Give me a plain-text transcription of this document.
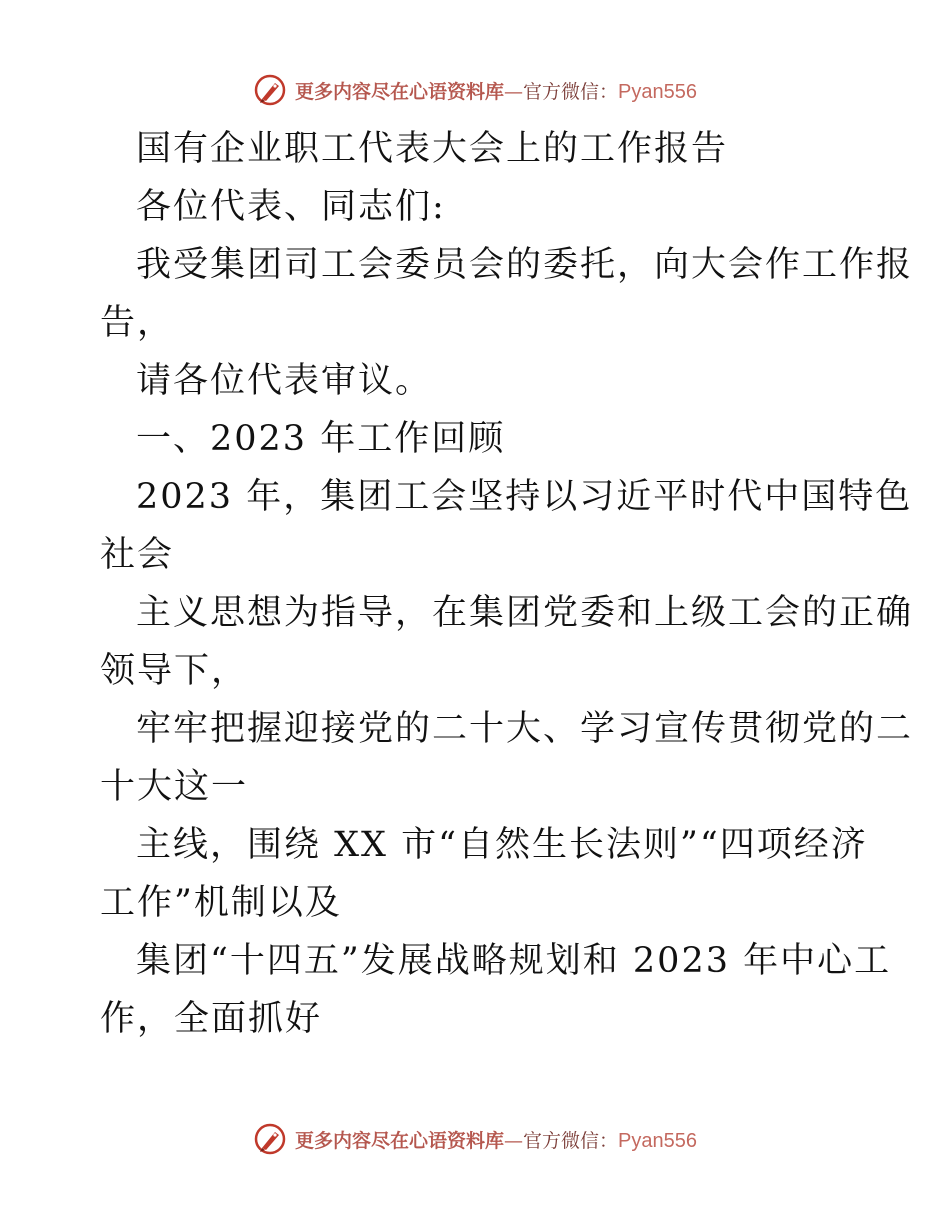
更多内容尽在心语资料库—官方微信：Pyan556
国有企业职工代表大会上的工作报告
各位代表、同志们:
我受集团司工会委员会的委托，向大会作工作报
告，
请各位代表审议。
一、2023 年工作回顾
2023 年，集团工会坚持以习近平时代中国特色
社会
主义思想为指导，在集团党委和上级工会的正确
领导下，
牢牢把握迎接党的二十大、学习宣传贯彻党的二
十大这一
主线，围绕 XX 市“自然生长法则”“四项经济
工作”机制以及
集团“十四五”发展战略规划和 2023 年中心工
作，全面抓好
更多内容尽在心语资料库—官方微信：Pyan556
